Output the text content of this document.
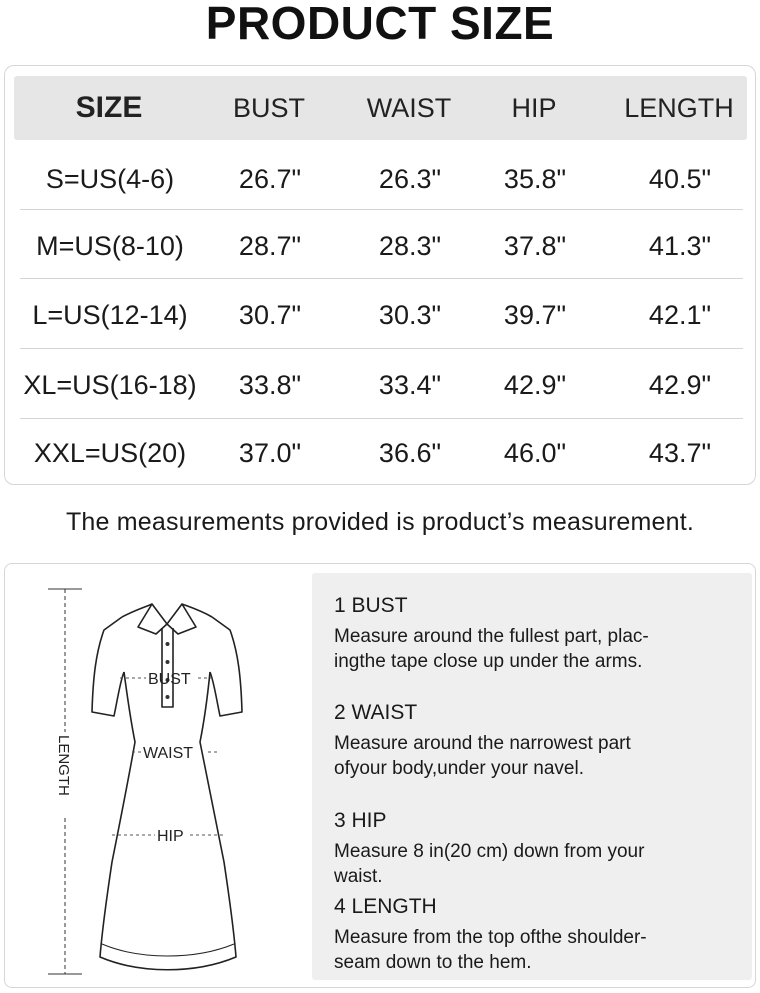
PRODUCT SIZE
SIZE	BUST	WAIST	HIP	LENGTH
S=US(4-6)	26.7"	26.3"	35.8"	40.5"
M=US(8-10)	28.7"	28.3"	37.8"	41.3"
L=US(12-14)	30.7"	30.3"	39.7"	42.1"
XL=US(16-18)	33.8"	33.4"	42.9"	42.9"
XXL=US(20)	37.0"	36.6"	46.0"	43.7"
The measurements provided is product’s measurement.
LENGTH
BUST
WAIST
HIP
1 BUST
Measure around the fullest part, plac-
ingthe tape close up under the arms.
2 WAIST
Measure around the narrowest part
ofyour body,under your navel.
3 HIP
Measure 8 in(20 cm) down from your
waist.
4 LENGTH
Measure from the top ofthe shoulder-
seam down to the hem.
